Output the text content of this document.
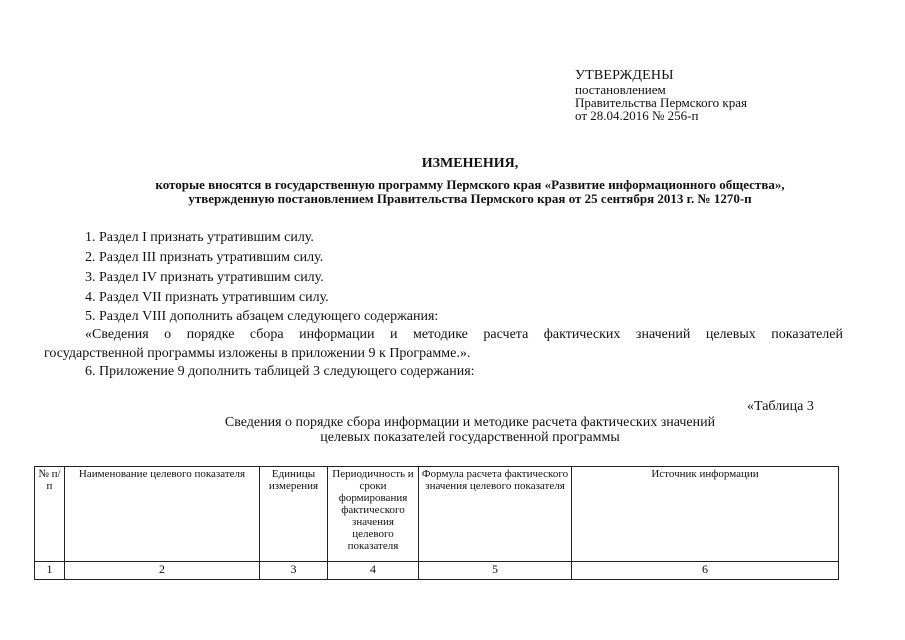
УТВЕРЖДЕНЫ
постановлением
Правительства Пермского края
от 28.04.2016 № 256-п
ИЗМЕНЕНИЯ,
которые вносятся в государственную программу Пермского края «Развитие информационного общества»,
утвержденную постановлением Правительства Пермского края от 25 сентября 2013 г. № 1270-п
1. Раздел I признать утратившим силу.
2. Раздел III признать утратившим силу.
3. Раздел IV признать утратившим силу.
4. Раздел VII признать утратившим силу.
5. Раздел VIII дополнить абзацем следующего содержания:
«Сведения о порядке сбора информации и методике расчета фактических значений целевых показателей
государственной программы изложены в приложении 9 к Программе.».
6. Приложение 9 дополнить таблицей 3 следующего содержания:
«Таблица 3
Сведения о порядке сбора информации и методике расчета фактических значений
целевых показателей государственной программы
№ п/п	Наименование целевого показателя	Единицы измерения	Периодичность и сроки формирования фактического значения целевого показателя	Формула расчета фактического значения целевого показателя	Источник информации
1	2	3	4	5	6
